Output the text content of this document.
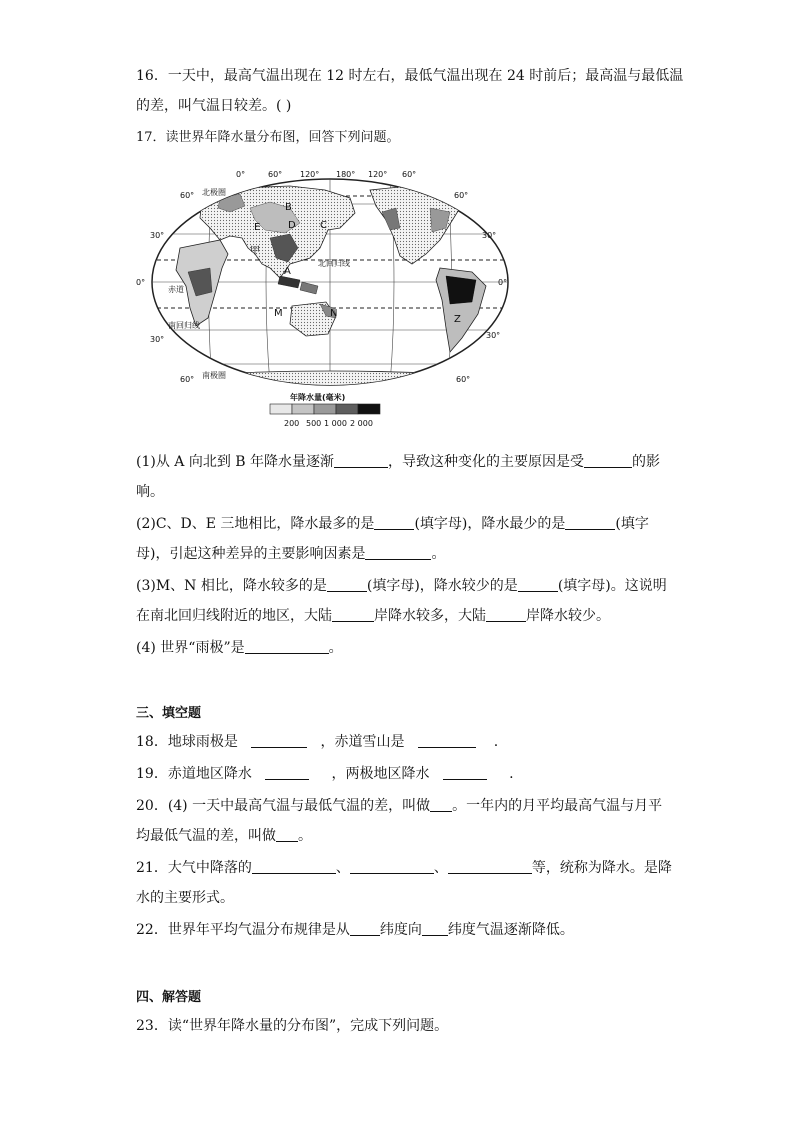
16．一天中，最高气温出现在 12 时左右，最低气温出现在 24 时前后；最高温与最低温
的差，叫气温日较差。( )
17．读世界年降水量分布图，回答下列问题。
0°	60° 120° 180° 120° 60°
60°
30°
0°
30°
60°
60°
30°
0°
30°
60°
北极圈
北回归线
赤道
南回归线
南极圈
B
D C
E
A
甲
M	N
Z
年降水量(毫米)
200 500 1 000 2 000
(1)从 A 向北到 B 年降水量逐渐	，导致这种变化的主要原因是受	的影
响。
(2)C、D、E 三地相比，降水最多的是	(填字母)，降水最少的是	(填字
母)，引起这种差异的主要影响因素是	。
(3)M、N 相比，降水较多的是	(填字母)，降水较少的是	(填字母)。这说明
在南北回归线附近的地区，大陆	岸降水较多，大陆	岸降水较少。
(4) 世界“雨极”是	。
三、填空题
18．地球雨极是	，赤道雪山是	.
19．赤道地区降水	，两极地区降水	.
20．(4) 一天中最高气温与最低气温的差，叫做 。一年内的月平均最高气温与月平
均最低气温的差，叫做 。
21．大气中降落的	、	、	等，统称为降水。是降
水的主要形式。
22．世界年平均气温分布规律是从 纬度向 纬度气温逐渐降低。
四、解答题
23．读“世界年降水量的分布图”，完成下列问题。
